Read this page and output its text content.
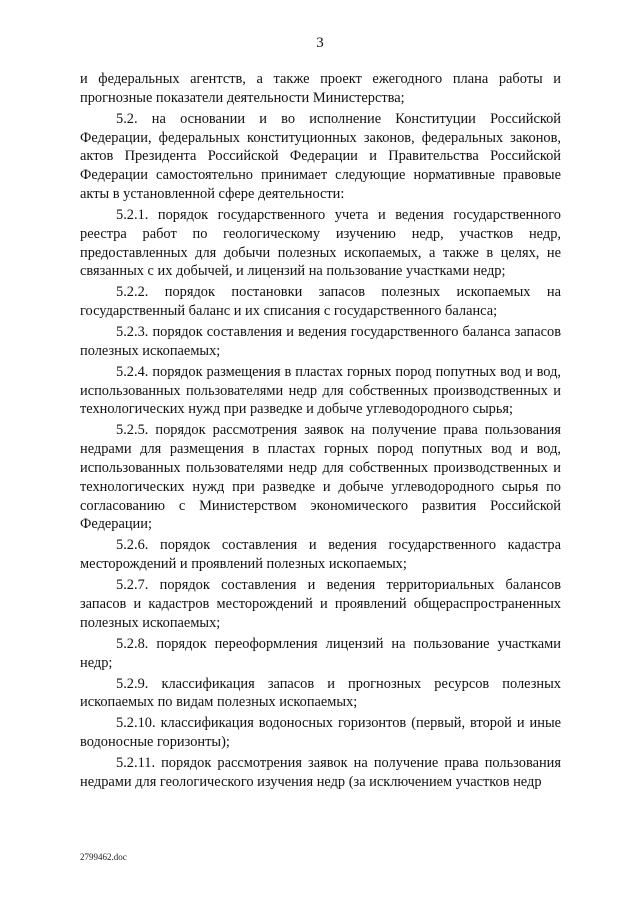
3

и федеральных агентств, а также проект ежегодного плана работы и прогнозные показатели деятельности Министерства;

5.2. на основании и во исполнение Конституции Российской Федерации, федеральных конституционных законов, федеральных законов, актов Президента Российской Федерации и Правительства Российской Федерации самостоятельно принимает следующие нормативные правовые акты в установленной сфере деятельности:

5.2.1. порядок государственного учета и ведения государственного реестра работ по геологическому изучению недр, участков недр, предоставленных для добычи полезных ископаемых, а также в целях, не связанных с их добычей, и лицензий на пользование участками недр;

5.2.2. порядок постановки запасов полезных ископаемых на государственный баланс и их списания с государственного баланса;

5.2.3. порядок составления и ведения государственного баланса запасов полезных ископаемых;

5.2.4. порядок размещения в пластах горных пород попутных вод и вод, использованных пользователями недр для собственных производственных и технологических нужд при разведке и добыче углеводородного сырья;

5.2.5. порядок рассмотрения заявок на получение права пользования недрами для размещения в пластах горных пород попутных вод и вод, использованных пользователями недр для собственных производственных и технологических нужд при разведке и добыче углеводородного сырья по согласованию с Министерством экономического развития Российской Федерации;

5.2.6. порядок составления и ведения государственного кадастра месторождений и проявлений полезных ископаемых;

5.2.7. порядок составления и ведения территориальных балансов запасов и кадастров месторождений и проявлений общераспространенных полезных ископаемых;

5.2.8. порядок переоформления лицензий на пользование участками недр;

5.2.9. классификация запасов и прогнозных ресурсов полезных ископаемых по видам полезных ископаемых;

5.2.10. классификация водоносных горизонтов (первый, второй и иные водоносные горизонты);

5.2.11. порядок рассмотрения заявок на получение права пользования недрами для геологического изучения недр (за исключением участков недр

2799462.doc
